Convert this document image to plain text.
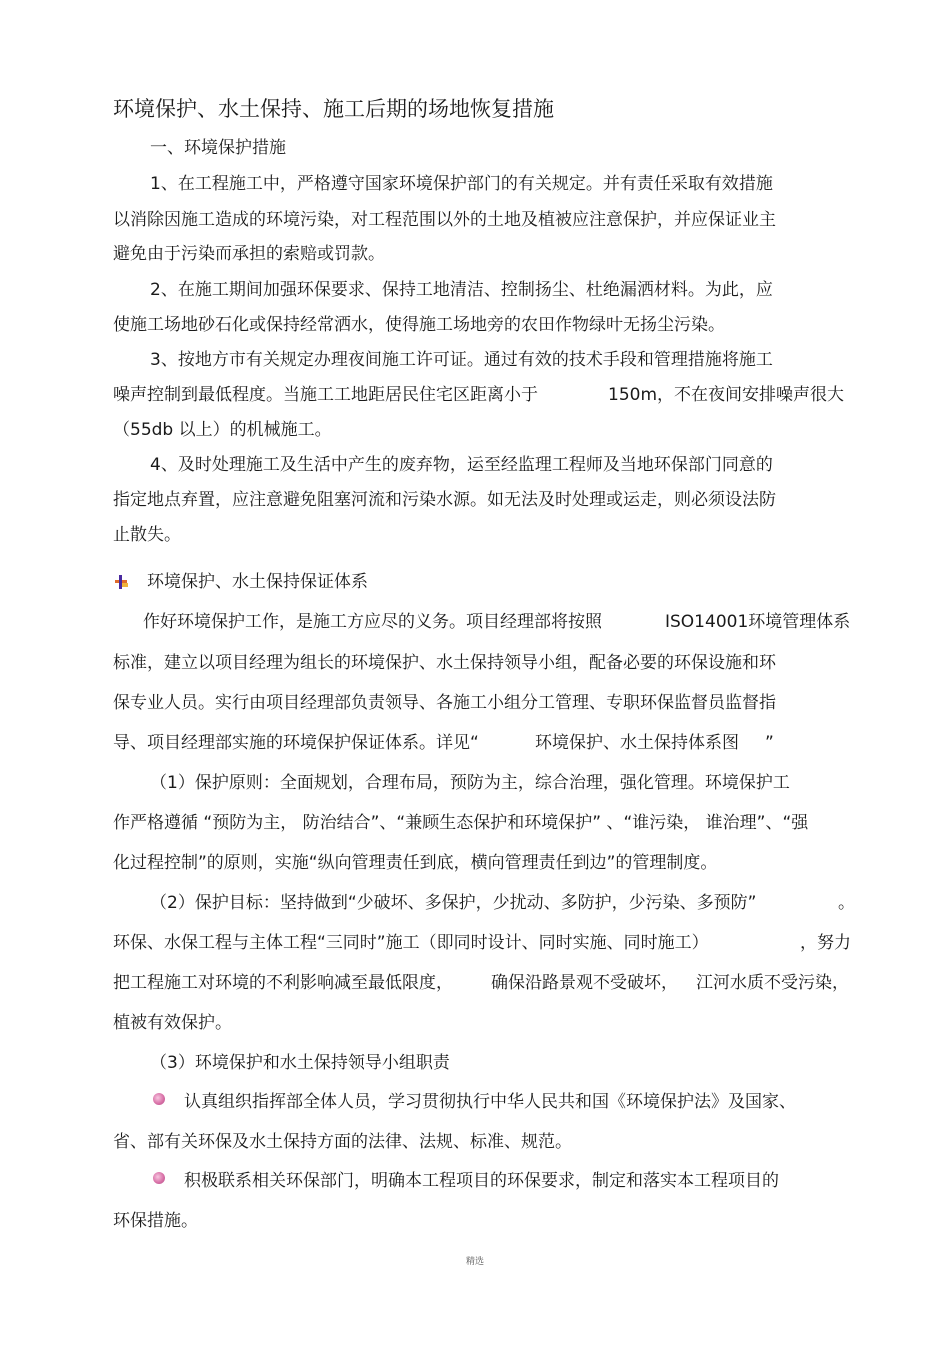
环境保护、水土保持、施工后期的场地恢复措施
一、环境保护措施
1、在工程施工中，严格遵守国家环境保护部门的有关规定。并有责任采取有效措施
以消除因施工造成的环境污染，对工程范围以外的土地及植被应注意保护，并应保证业主
避免由于污染而承担的索赔或罚款。
2、在施工期间加强环保要求、保持工地清洁、控制扬尘、杜绝漏洒材料。为此，应
使施工场地砂石化或保持经常洒水，使得施工场地旁的农田作物绿叶无扬尘污染。
3、按地方市有关规定办理夜间施工许可证。通过有效的技术手段和管理措施将施工
噪声控制到最低程度。当施工工地距居民住宅区距离小于	150m，不在夜间安排噪声很大
（55db 以上）的机械施工。
4、及时处理施工及生活中产生的废弃物，运至经监理工程师及当地环保部门同意的
指定地点弃置，应注意避免阻塞河流和污染水源。如无法及时处理或运走，则必须设法防
止散失。
环境保护、水土保持保证体系
作好环境保护工作，是施工方应尽的义务。项目经理部将按照	ISO14001环境管理体系
标准，建立以项目经理为组长的环境保护、水土保持领导小组，配备必要的环保设施和环
保专业人员。实行由项目经理部负责领导、各施工小组分工管理、专职环保监督员监督指
导、项目经理部实施的环境保护保证体系。详见“	环境保护、水土保持体系图 ”
（1）保护原则：全面规划，合理布局，预防为主，综合治理，强化管理。环境保护工
作严格遵循 “预防为主， 防治结合”、“兼顾生态保护和环境保护” 、“谁污染， 谁治理”、“强
化过程控制”的原则，实施“纵向管理责任到底，横向管理责任到边”的管理制度。
（2）保护目标：坚持做到“少破坏、多保护，少扰动、多防护，少污染、多预防”	。
环保、水保工程与主体工程“三同时”施工（即同时设计、同时实施、同时施工）	，努力
把工程施工对环境的不利影响减至最低限度， 确保沿路景观不受破坏， 江河水质不受污染，
植被有效保护。
（3）环境保护和水土保持领导小组职责
认真组织指挥部全体人员，学习贯彻执行中华人民共和国《环境保护法》及国家、
省、部有关环保及水土保持方面的法律、法规、标准、规范。
积极联系相关环保部门，明确本工程项目的环保要求，制定和落实本工程项目的
环保措施。
精选
